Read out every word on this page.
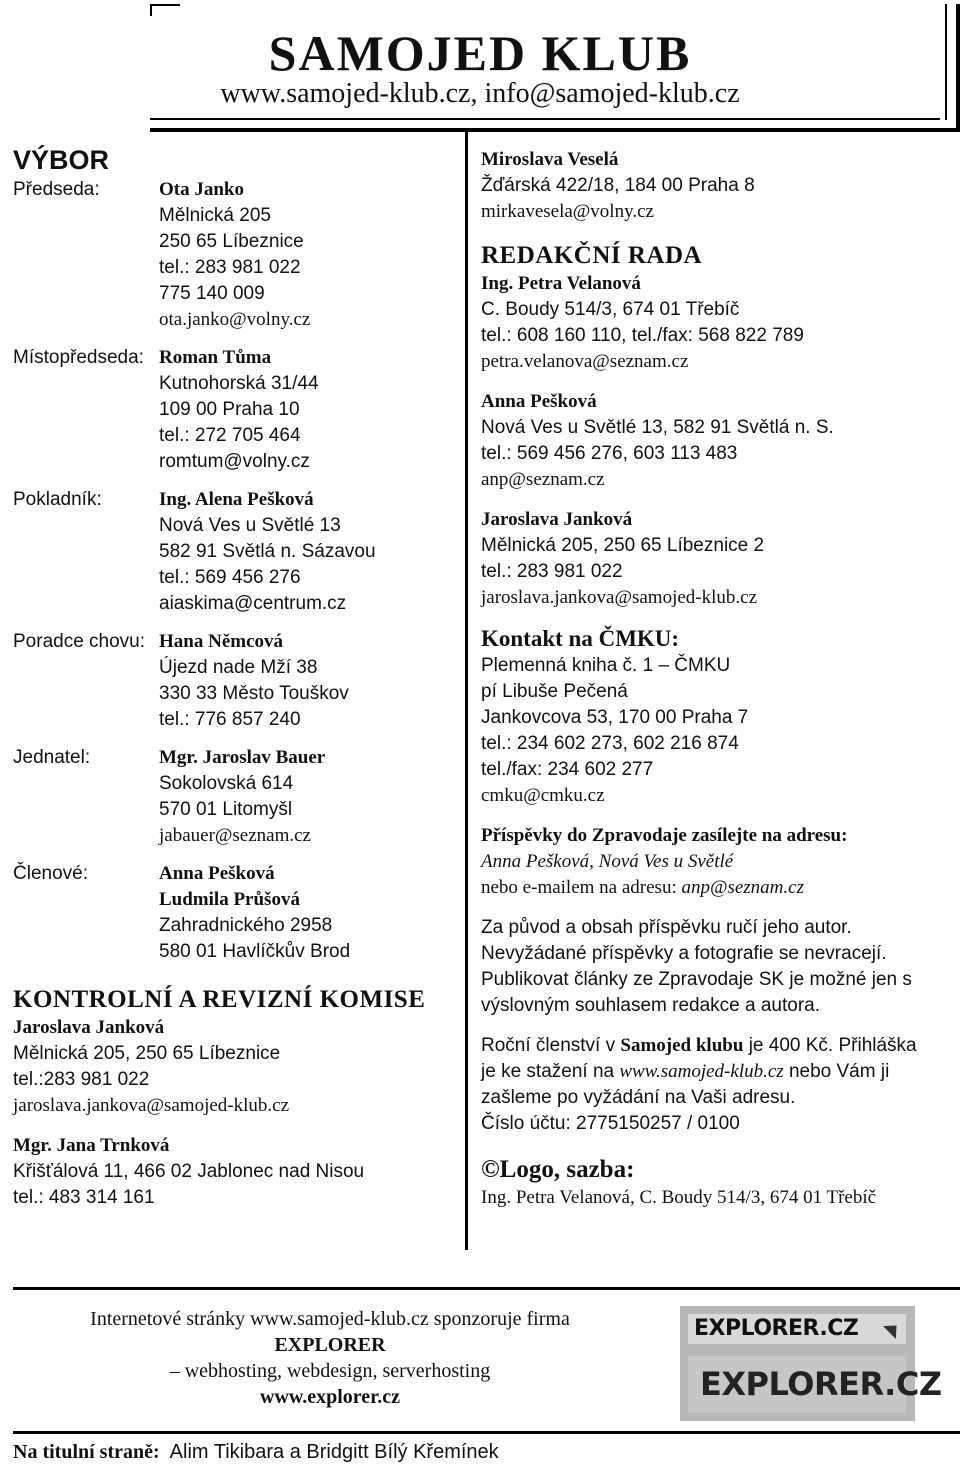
SAMOJED KLUB
www.samojed-klub.cz, info@samojed-klub.cz
VÝBOR
Předseda:	Ota Janko
Mělnická 205
250 65 Líbeznice
tel.: 283 981 022
775 140 009
ota.janko@volny.cz
Místopředseda: Roman Tůma
Kutnohorská 31/44
109 00 Praha 10
tel.: 272 705 464
romtum@volny.cz
Pokladník:	Ing. Alena Pešková
Nová Ves u Světlé 13
582 91 Světlá n. Sázavou
tel.: 569 456 276
aiaskima@centrum.cz
Poradce chovu: Hana Němcová
Újezd nade Mží 38
330 33 Město Touškov
tel.: 776 857 240
Jednatel:	Mgr. Jaroslav Bauer
Sokolovská 614
570 01 Litomyšl
jabauer@seznam.cz
Členové:	Anna Pešková
Ludmila Průšová
Zahradnického 2958
580 01 Havlíčkův Brod
KONTROLNÍ A REVIZNÍ KOMISE
Jaroslava Janková
Mělnická 205, 250 65 Líbeznice
tel.:283 981 022
jaroslava.jankova@samojed-klub.cz
Mgr. Jana Trnková
Křišťálová 11, 466 02 Jablonec nad Nisou
tel.: 483 314 161
Miroslava Veselá
Žďárská 422/18, 184 00 Praha 8
mirkavesela@volny.cz
REDAKČNÍ RADA
Ing. Petra Velanová
C. Boudy 514/3, 674 01 Třebíč
tel.: 608 160 110, tel./fax: 568 822 789
petra.velanova@seznam.cz
Anna Pešková
Nová Ves u Světlé 13, 582 91 Světlá n. S.
tel.: 569 456 276, 603 113 483
anp@seznam.cz
Jaroslava Janková
Mělnická 205, 250 65 Líbeznice 2
tel.: 283 981 022
jaroslava.jankova@samojed-klub.cz
Kontakt na ČMKU:
Plemenná kniha č. 1 – ČMKU
pí Libuše Pečená
Jankovcova 53, 170 00 Praha 7
tel.: 234 602 273, 602 216 874
tel./fax: 234 602 277
cmku@cmku.cz
Příspěvky do Zpravodaje zasílejte na adresu:
Anna Pešková, Nová Ves u Světlé
nebo e-mailem na adresu: anp@seznam.cz
Za původ a obsah příspěvku ručí jeho autor.
Nevyžádané příspěvky a fotografie se nevracejí.
Publikovat články ze Zpravodaje SK je možné jen s
výslovným souhlasem redakce a autora.
Roční členství v Samojed klubu je 400 Kč. Přihláška
je ke stažení na www.samojed-klub.cz nebo Vám ji
zašleme po vyžádání na Vaši adresu.
Číslo účtu: 2775150257 / 0100
©Logo, sazba:
Ing. Petra Velanová, C. Boudy 514/3, 674 01 Třebíč
Internetové stránky www.samojed-klub.cz sponzoruje firma
EXPLORER
– webhosting, webdesign, serverhosting
www.explorer.cz
EXPLORER.CZ
EXPLORER.CZ
Na titulní straně: Alim Tikibara a Bridgitt Bílý Křemínek
